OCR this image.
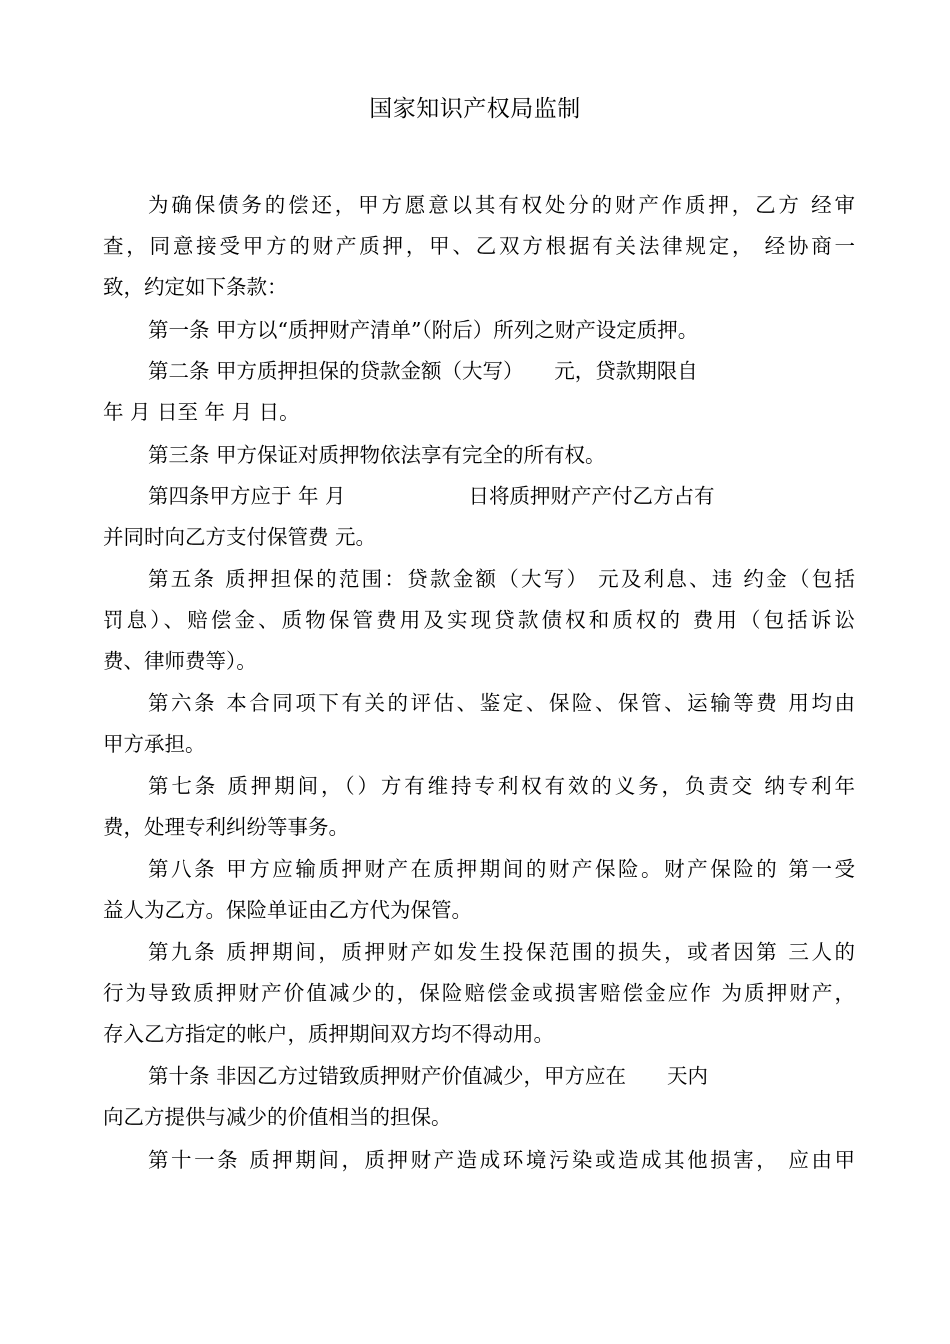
国家知识产权局监制
为确保债务的偿还，甲方愿意以其有权处分的财产作质押，乙方 经审
查，同意接受甲方的财产质押，甲、乙双方根据有关法律规定， 经协商一
致，约定如下条款：
第一条 甲方以“质押财产清单”（附后）所列之财产设定质押。
第二条 甲方质押担保的贷款金额（大写）　　元，贷款期限自
年 月 日至 年 月 日。
第三条 甲方保证对质押物依法享有完全的所有权。
第四条甲方应于 年 月　　　　　　日将质押财产产付乙方占有
并同时向乙方支付保管费 元。
第五条 质押担保的范围：贷款金额（大写） 元及利息、违 约金（包括
罚息）、赔偿金、质物保管费用及实现贷款债权和质权的 费用（包括诉讼
费、律师费等）。
第六条 本合同项下有关的评估、鉴定、保险、保管、运输等费 用均由
甲方承担。
第七条 质押期间，（）方有维持专利权有效的义务，负责交 纳专利年
费，处理专利纠纷等事务。
第八条 甲方应输质押财产在质押期间的财产保险。财产保险的 第一受
益人为乙方。保险单证由乙方代为保管。
第九条 质押期间，质押财产如发生投保范围的损失，或者因第 三人的
行为导致质押财产价值减少的，保险赔偿金或损害赔偿金应作 为质押财产，
存入乙方指定的帐户，质押期间双方均不得动用。
第十条 非因乙方过错致质押财产价值减少，甲方应在　　天内
向乙方提供与减少的价值相当的担保。
第十一条 质押期间，质押财产造成环境污染或造成其他损害， 应由甲
